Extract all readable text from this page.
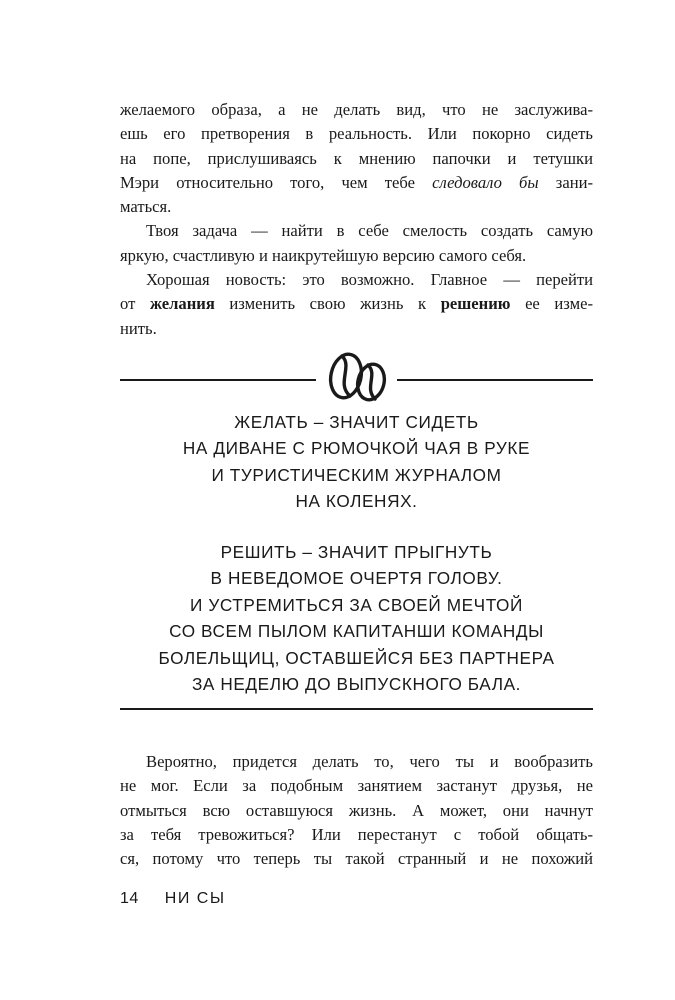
желаемого образа, а не делать вид, что не заслужива-
ешь его претворения в реальность. Или покорно сидеть
на попе, прислушиваясь к мнению папочки и тетушки
Мэри относительно того, чем тебе следовало бы зани-
маться.
Твоя задача — найти в себе смелость создать самую
яркую, счастливую и наикрутейшую версию самого себя.
Хорошая новость: это возможно. Главное — перейти
от желания изменить свою жизнь к решению ее изме-
нить.
ЖЕЛАТЬ – ЗНАЧИТ СИДЕТЬ
НА ДИВАНЕ С РЮМОЧКОЙ ЧАЯ В РУКЕ
И ТУРИСТИЧЕСКИМ ЖУРНАЛОМ
НА КОЛЕНЯХ.
РЕШИТЬ – ЗНАЧИТ ПРЫГНУТЬ
В НЕВЕДОМОЕ ОЧЕРТЯ ГОЛОВУ.
И УСТРЕМИТЬСЯ ЗА СВОЕЙ МЕЧТОЙ
СО ВСЕМ ПЫЛОМ КАПИТАНШИ КОМАНДЫ
БОЛЕЛЬЩИЦ, ОСТАВШЕЙСЯ БЕЗ ПАРТНЕРА
ЗА НЕДЕЛЮ ДО ВЫПУСКНОГО БАЛА.
Вероятно, придется делать то, чего ты и вообразить
не мог. Если за подобным занятием застанут друзья, не
отмыться всю оставшуюся жизнь. А может, они начнут
за тебя тревожиться? Или перестанут с тобой общать-
ся, потому что теперь ты такой странный и не похожий
14 НИ СЫ
